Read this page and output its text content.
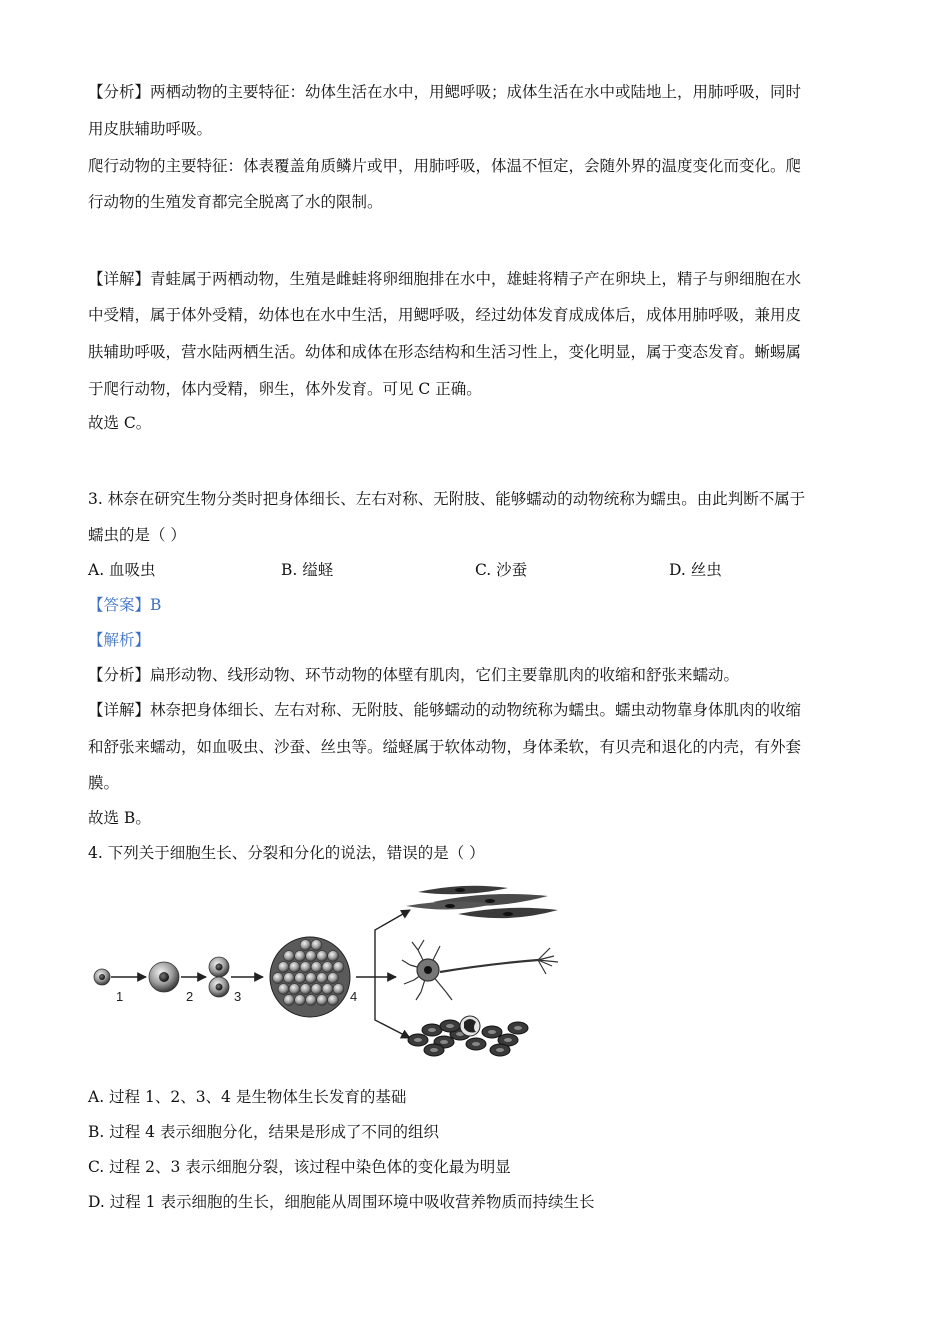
【分析】两栖动物的主要特征：幼体生活在水中，用鳃呼吸；成体生活在水中或陆地上，用肺呼吸，同时
用皮肤辅助呼吸。
爬行动物的主要特征：体表覆盖角质鳞片或甲，用肺呼吸，体温不恒定，会随外界的温度变化而变化。爬
行动物的生殖发育都完全脱离了水的限制。
【详解】青蛙属于两栖动物，生殖是雌蛙将卵细胞排在水中，雄蛙将精子产在卵块上，精子与卵细胞在水
中受精，属于体外受精，幼体也在水中生活，用鳃呼吸，经过幼体发育成成体后，成体用肺呼吸，兼用皮
肤辅助呼吸，营水陆两栖生活。幼体和成体在形态结构和生活习性上，变化明显，属于变态发育。蜥蜴属
于爬行动物，体内受精，卵生，体外发育。可见 C 正确。
故选 C。
3. 林奈在研究生物分类时把身体细长、左右对称、无附肢、能够蠕动的动物统称为蠕虫。由此判断不属于
蠕虫的是（ ）
A. 血吸虫	B. 缢蛏	C. 沙蚕	D. 丝虫
【答案】B
【解析】
【分析】扁形动物、线形动物、环节动物的体壁有肌肉，它们主要靠肌肉的收缩和舒张来蠕动。
【详解】林奈把身体细长、左右对称、无附肢、能够蠕动的动物统称为蠕虫。蠕虫动物靠身体肌肉的收缩
和舒张来蠕动，如血吸虫、沙蚕、丝虫等。缢蛏属于软体动物，身体柔软，有贝壳和退化的内壳，有外套
膜。
故选 B。
4. 下列关于细胞生长、分裂和分化的说法，错误的是（ ）
1	2	3	4
A. 过程 1、2、3、4 是生物体生长发育的基础
B. 过程 4 表示细胞分化，结果是形成了不同的组织
C. 过程 2、3 表示细胞分裂，该过程中染色体的变化最为明显
D. 过程 1 表示细胞的生长，细胞能从周围环境中吸收营养物质而持续生长
